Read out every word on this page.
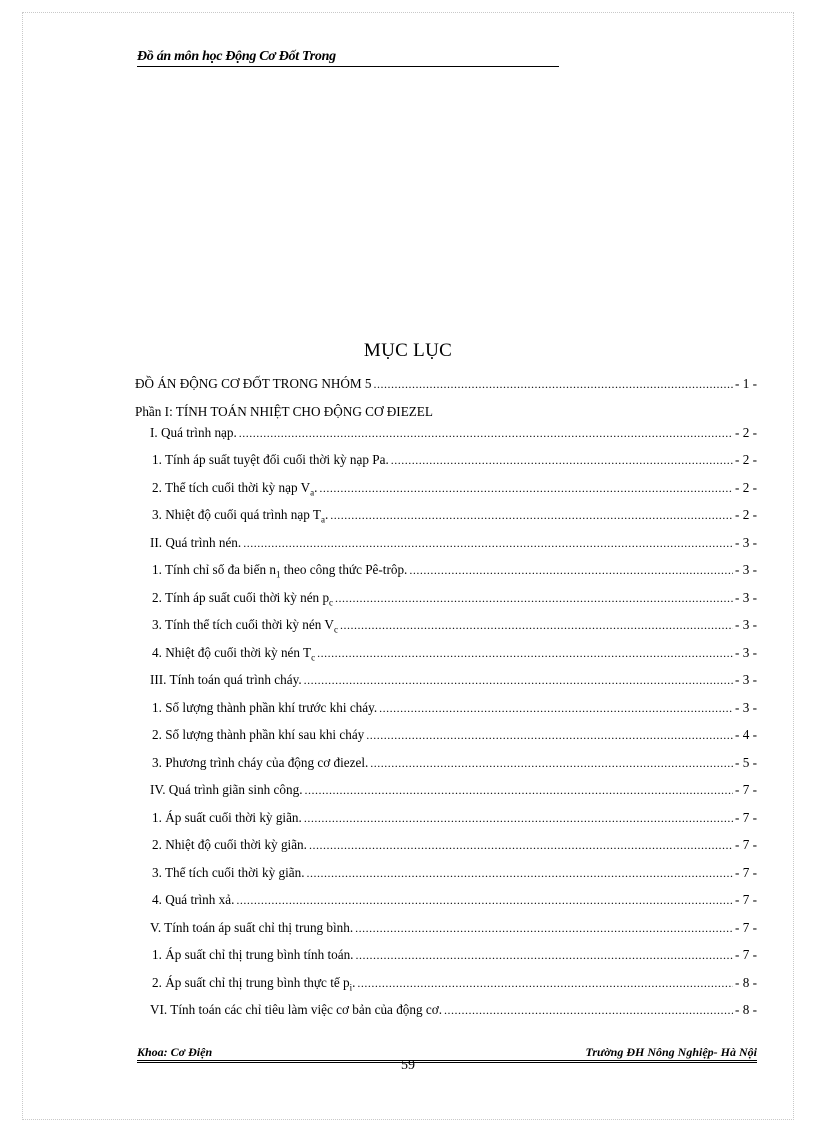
Đồ án môn học Động Cơ Đốt Trong
MỤC LỤC
ĐỒ ÁN ĐỘNG CƠ ĐỐT TRONG NHÓM 5 .....	- 1 -
Phần I: TÍNH TOÁN NHIỆT CHO ĐỘNG CƠ ĐIEZEL
I. Quá trình nạp. .....	- 2 -
1. Tính áp suất tuyệt đối cuối thời kỳ nạp Pa. .....	- 2 -
2. Thể tích cuối thời kỳ nạp $V_a$. .....	- 2 -
3. Nhiệt độ cuối quá trình nạp $T_a$. .....	- 2 -
II. Quá trình nén. .....	- 3 -
1. Tính chỉ số đa biến $n_1$ theo công thức Pê-trôp. .....	- 3 -
2. Tính áp suất cuối thời kỳ nén $p_c$ .....	- 3 -
3. Tính thể tích cuối thời kỳ nén $V_c$ .....	- 3 -
4. Nhiệt độ cuối thời kỳ nén $T_c$ .....	- 3 -
III. Tính toán quá trình cháy. .....	- 3 -
1. Số lượng thành phần khí trước khi cháy. .....	- 3 -
2. Số lượng thành phần khí sau khi cháy .....	- 4 -
3. Phương trình cháy của động cơ điezel. .....	- 5 -
IV. Quá trình giãn sinh công. .....	- 7 -
1. Áp suất cuối thời kỳ giãn. .....	- 7 -
2. Nhiệt độ cuối thời kỳ giãn. .....	- 7 -
3. Thể tích cuối thời kỳ giãn. .....	- 7 -
4. Quá trình xả. .....	- 7 -
V. Tính toán áp suất chỉ thị trung bình. .....	- 7 -
1. Áp suất chỉ thị trung bình tính toán. .....	- 7 -
2. Áp suất chỉ thị trung bình thực tế $p_i$. .....	- 8 -
VI. Tính toán các chỉ tiêu làm việc cơ bản của động cơ. .....	- 8 -
Khoa: Cơ Điện	Trường ĐH Nông Nghiệp- Hà Nội
59
